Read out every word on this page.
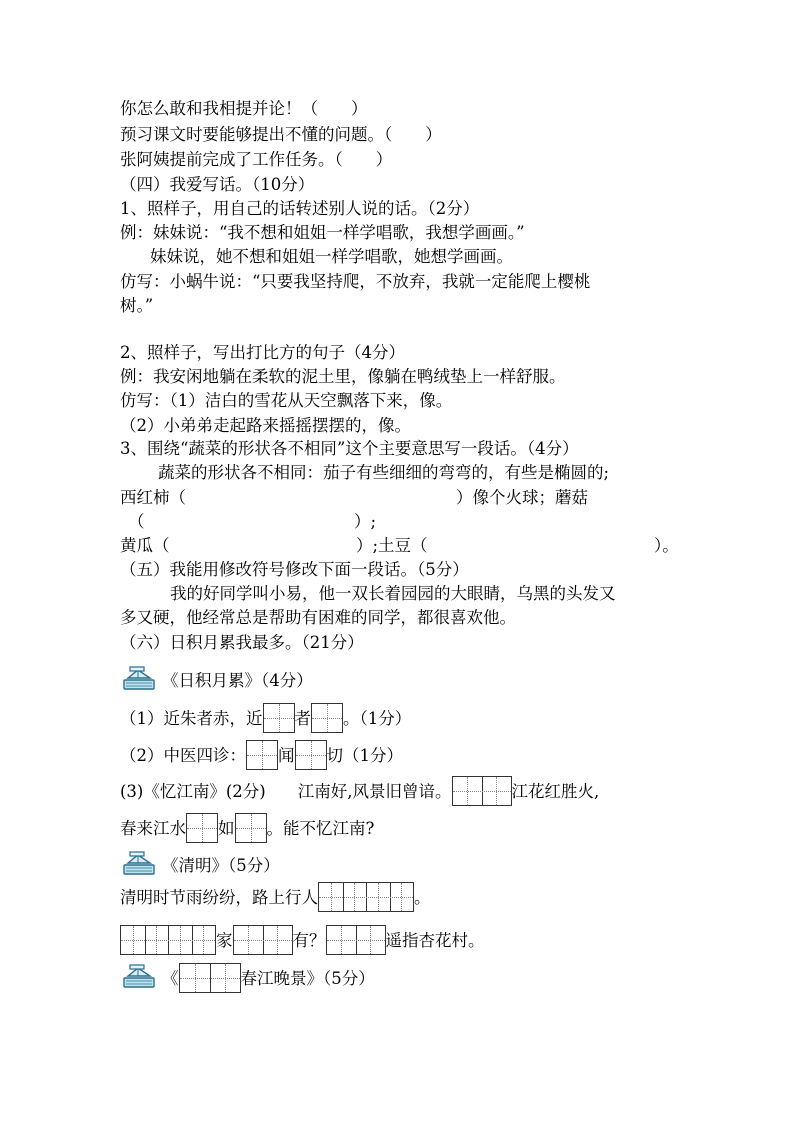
你怎么敢和我相提并论！（　　）
预习课文时要能够提出不懂的问题。（　　）
张阿姨提前完成了工作任务。（　　）
（四）我爱写话。（10分）
1、照样子，用自己的话转述别人说的话。（2分）
例：妹妹说：“我不想和姐姐一样学唱歌，我想学画画。”
妹妹说，她不想和姐姐一样学唱歌，她想学画画。
仿写：小蜗牛说：“只要我坚持爬，不放弃，我就一定能爬上樱桃
树。”
2、照样子，写出打比方的句子（4分）
例：我安闲地躺在柔软的泥土里，像躺在鸭绒垫上一样舒服。
仿写：（1）洁白的雪花从天空飘落下来，像。
（2）小弟弟走起路来摇摇摆摆的，像。
3、围绕“蔬菜的形状各不相同”这个主要意思写一段话。（4分）
蔬菜的形状各不相同：茄子有些细细的弯弯的，有些是椭圆的;
西红柿（	）像个火球；蘑菇
（	）;
黄瓜（	）;土豆（	）。
（五）我能用修改符号修改下面一段话。（5分）
我的好同学叫小易，他一双长着园园的大眼睛，乌黑的头发又
多又硬，他经常总是帮助有困难的同学，都很喜欢他。
（六）日积月累我最多。（21分）
《日积月累》（4分）
（1）近朱者赤，近 者 。（1分）
（2）中医四诊： 闻 切（1分）
(3)《忆江南》(2分) 江南好,风景旧曾谙。	江花红胜火,
春来江水 如 。能不忆江南?
《清明》（5分）
清明时节雨纷纷，路上行人	。
家	有？	遥指杏花村。
《	春江晚景》（5分）
